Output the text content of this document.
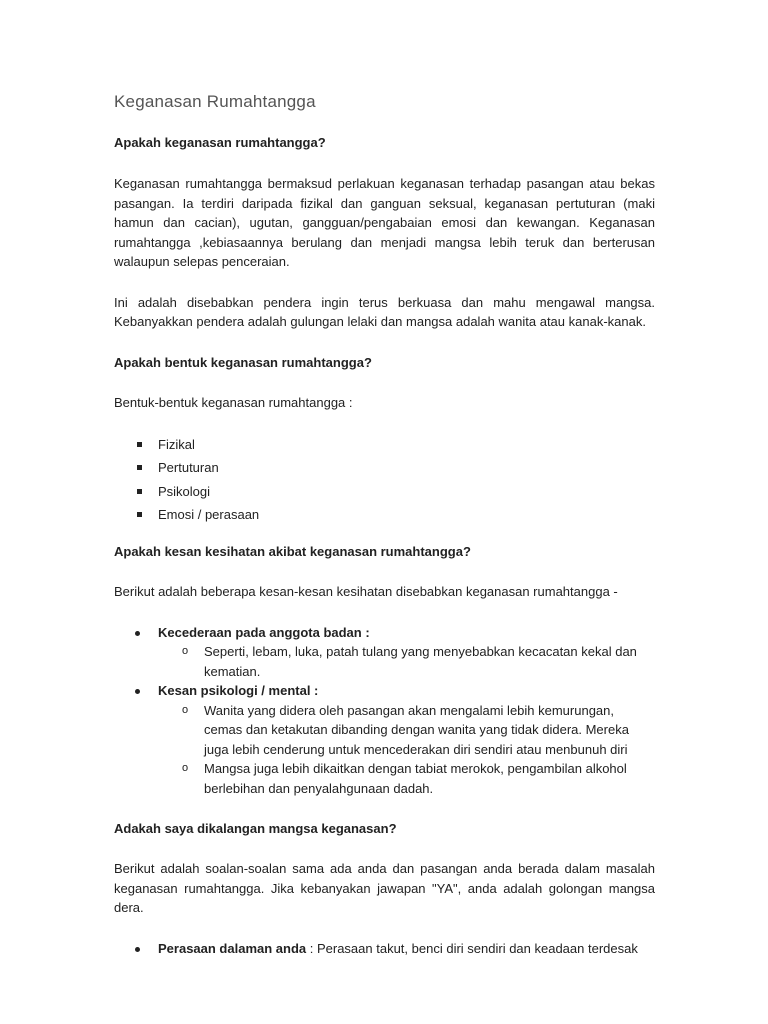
Keganasan Rumahtangga

Apakah keganasan rumahtangga?

Keganasan rumahtangga bermaksud perlakuan keganasan terhadap pasangan atau bekas pasangan. Ia terdiri daripada fizikal dan ganguan seksual, keganasan pertuturan (maki hamun dan cacian), ugutan, gangguan/pengabaian emosi dan kewangan. Keganasan rumahtangga ,kebiasaannya berulang dan menjadi mangsa lebih teruk dan berterusan walaupun selepas penceraian.

Ini adalah disebabkan pendera ingin terus berkuasa dan mahu mengawal mangsa. Kebanyakkan pendera adalah gulungan lelaki dan mangsa adalah wanita atau kanak-kanak.

Apakah bentuk keganasan rumahtangga?

Bentuk-bentuk keganasan rumahtangga :

Fizikal
Pertuturan
Psikologi
Emosi / perasaan

Apakah kesan kesihatan akibat keganasan rumahtangga?

Berikut adalah beberapa kesan-kesan kesihatan disebabkan keganasan rumahtangga -

Kecederaan pada anggota badan :
o Seperti, lebam, luka, patah tulang yang menyebabkan kecacatan kekal dan kematian.
Kesan psikologi / mental :
o Wanita yang didera oleh pasangan akan mengalami lebih kemurungan, cemas dan ketakutan dibanding dengan wanita yang tidak didera. Mereka juga lebih cenderung untuk mencederakan diri sendiri atau menbunuh diri
o Mangsa juga lebih dikaitkan dengan tabiat merokok, pengambilan alkohol berlebihan dan penyalahgunaan dadah.

Adakah saya dikalangan mangsa keganasan?

Berikut adalah soalan-soalan sama ada anda dan pasangan anda berada dalam masalah keganasan rumahtangga. Jika kebanyakan jawapan "YA", anda adalah golongan mangsa dera.

Perasaan dalaman anda : Perasaan takut, benci diri sendiri dan keadaan terdesak
